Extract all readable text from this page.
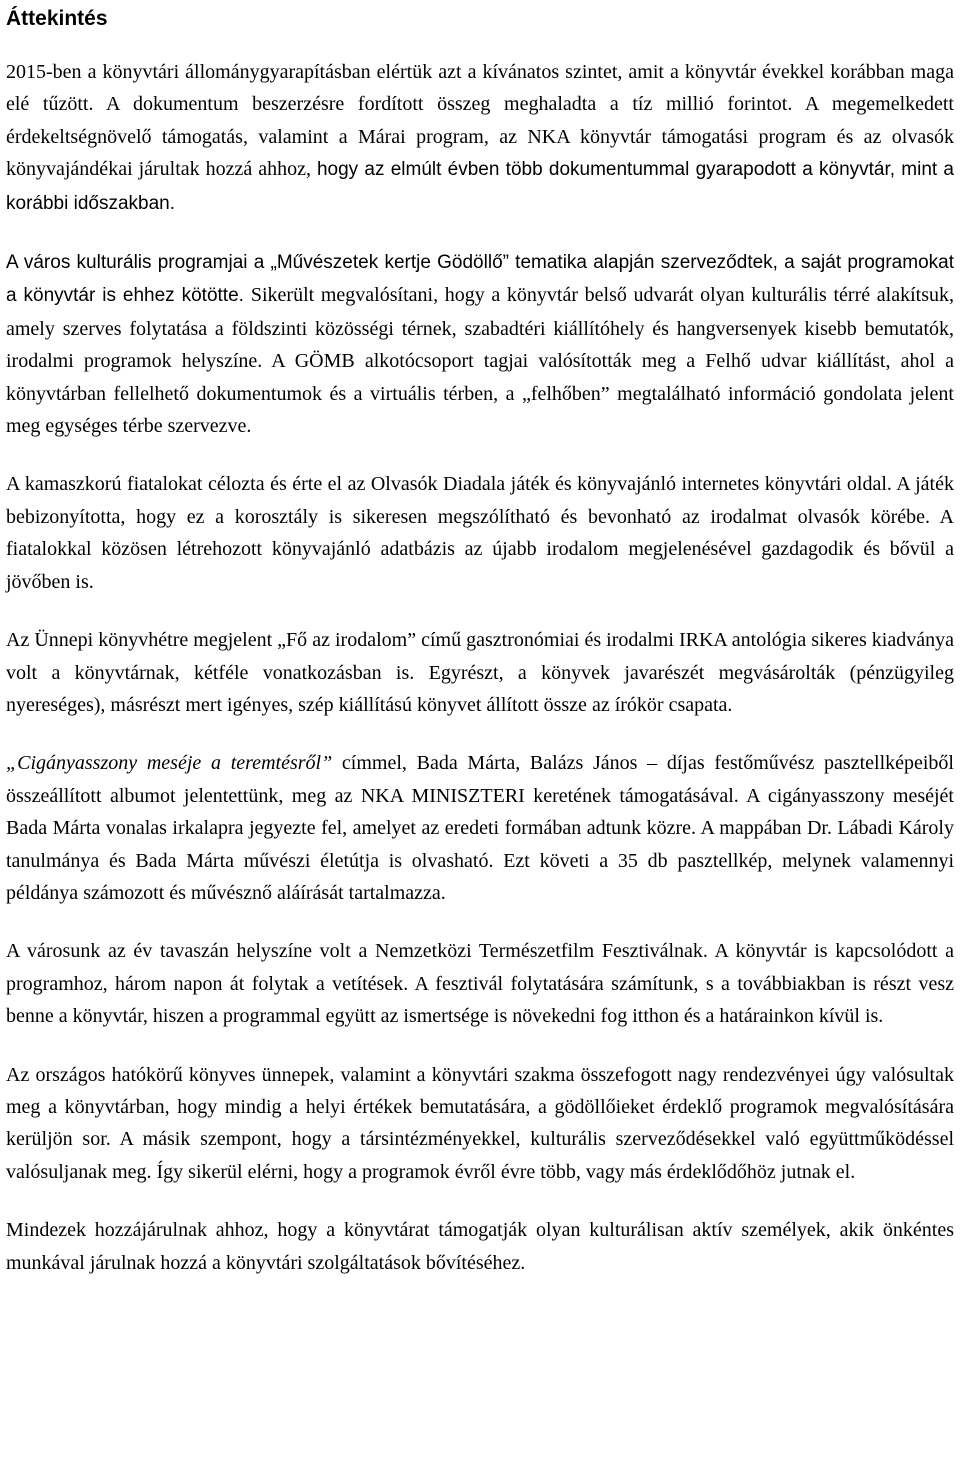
Áttekintés

2015-ben a könyvtári állománygyarapításban elértük azt a kívánatos szintet, amit a könyvtár évekkel korábban maga elé tűzött. A dokumentum beszerzésre fordított összeg meghaladta a tíz millió forintot. A megemelkedett érdekeltségnövelő támogatás, valamint a Márai program, az NKA könyvtár támogatási program és az olvasók könyvajándékai járultak hozzá ahhoz, hogy az elmúlt évben több dokumentummal gyarapodott a könyvtár, mint a korábbi időszakban.

A város kulturális programjai a „Művészetek kertje Gödöllő” tematika alapján szerveződtek, a saját programokat a könyvtár is ehhez kötötte. Sikerült megvalósítani, hogy a könyvtár belső udvarát olyan kulturális térré alakítsuk, amely szerves folytatása a földszinti közösségi térnek, szabadtéri kiállítóhely és hangversenyek kisebb bemutatók, irodalmi programok helyszíne. A GÖMB alkotócsoport tagjai valósították meg a Felhő udvar kiállítást, ahol a könyvtárban fellelhető dokumentumok és a virtuális térben, a „felhőben” megtalálható információ gondolata jelent meg egységes térbe szervezve.

A kamaszkorú fiatalokat célozta és érte el az Olvasók Diadala játék és könyvajánló internetes könyvtári oldal. A játék bebizonyította, hogy ez a korosztály is sikeresen megszólítható és bevonható az irodalmat olvasók körébe. A fiatalokkal közösen létrehozott könyvajánló adatbázis az újabb irodalom megjelenésével gazdagodik és bővül a jövőben is.

Az Ünnepi könyvhétre megjelent „Fő az irodalom” című gasztronómiai és irodalmi IRKA antológia sikeres kiadványa volt a könyvtárnak, kétféle vonatkozásban is. Egyrészt, a könyvek javarészét megvásárolták (pénzügyileg nyereséges), másrészt mert igényes, szép kiállítású könyvet állított össze az írókör csapata.

„Cigányasszony meséje a teremtésről” címmel, Bada Márta, Balázs János – díjas festőművész pasztellképeiből összeállított albumot jelentettünk, meg az NKA MINISZTERI keretének támogatásával. A cigányasszony meséjét Bada Márta vonalas irkalapra jegyezte fel, amelyet az eredeti formában adtunk közre. A mappában Dr. Lábadi Károly tanulmánya és Bada Márta művészi életútja is olvasható. Ezt követi a 35 db pasztellkép, melynek valamennyi példánya számozott és művésznő aláírását tartalmazza.

A városunk az év tavaszán helyszíne volt a Nemzetközi Természetfilm Fesztiválnak. A könyvtár is kapcsolódott a programhoz, három napon át folytak a vetítések. A fesztivál folytatására számítunk, s a továbbiakban is részt vesz benne a könyvtár, hiszen a programmal együtt az ismertsége is növekedni fog itthon és a határainkon kívül is.

Az országos hatókörű könyves ünnepek, valamint a könyvtári szakma összefogott nagy rendezvényei úgy valósultak meg a könyvtárban, hogy mindig a helyi értékek bemutatására, a gödöllőieket érdeklő programok megvalósítására kerüljön sor. A másik szempont, hogy a társintézményekkel, kulturális szerveződésekkel való együttműködéssel valósuljanak meg. Így sikerül elérni, hogy a programok évről évre több, vagy más érdeklődőhöz jutnak el.

Mindezek hozzájárulnak ahhoz, hogy a könyvtárat támogatják olyan kulturálisan aktív személyek, akik önkéntes munkával járulnak hozzá a könyvtári szolgáltatások bővítéséhez.
